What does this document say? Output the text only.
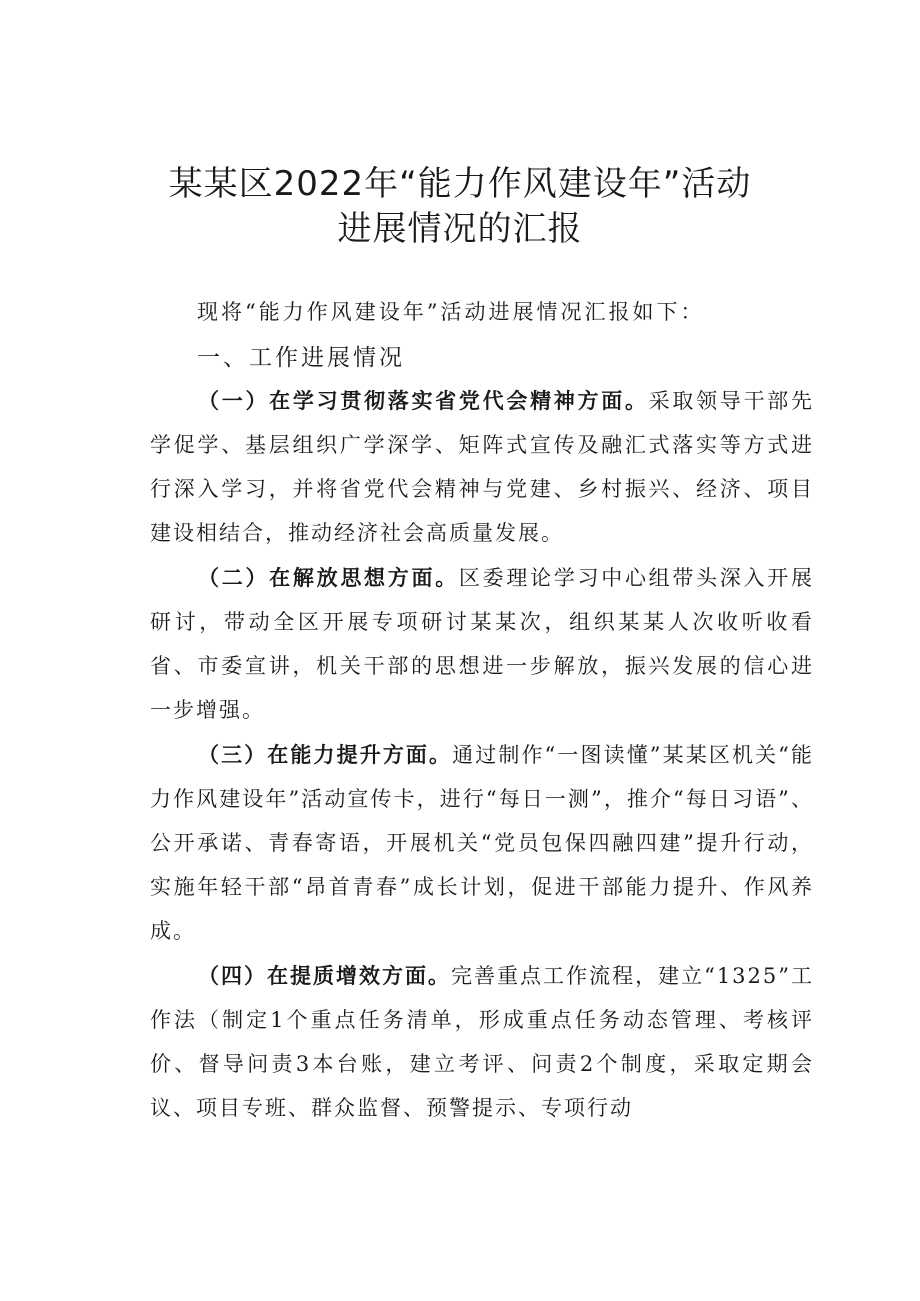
某某区2022年“能力作风建设年”活动
进展情况的汇报
现将“能力作风建设年”活动进展情况汇报如下：
一、工作进展情况
（一）在学习贯彻落实省党代会精神方面。采取领导干部先学促学、基层组织广学深学、矩阵式宣传及融汇式落实等方式进行深入学习，并将省党代会精神与党建、乡村振兴、经济、项目建设相结合，推动经济社会高质量发展。
（二）在解放思想方面。区委理论学习中心组带头深入开展研讨，带动全区开展专项研讨某某次，组织某某人次收听收看省、市委宣讲，机关干部的思想进一步解放，振兴发展的信心进一步增强。
（三）在能力提升方面。通过制作“一图读懂”某某区机关“能力作风建设年”活动宣传卡，进行“每日一测”，推介“每日习语”、公开承诺、青春寄语，开展机关“党员包保四融四建”提升行动，实施年轻干部“昂首青春”成长计划，促进干部能力提升、作风养成。
（四）在提质增效方面。完善重点工作流程，建立“1325”工作法（制定1个重点任务清单，形成重点任务动态管理、考核评价、督导问责3本台账，建立考评、问责2个制度，采取定期会议、项目专班、群众监督、预警提示、专项行动
